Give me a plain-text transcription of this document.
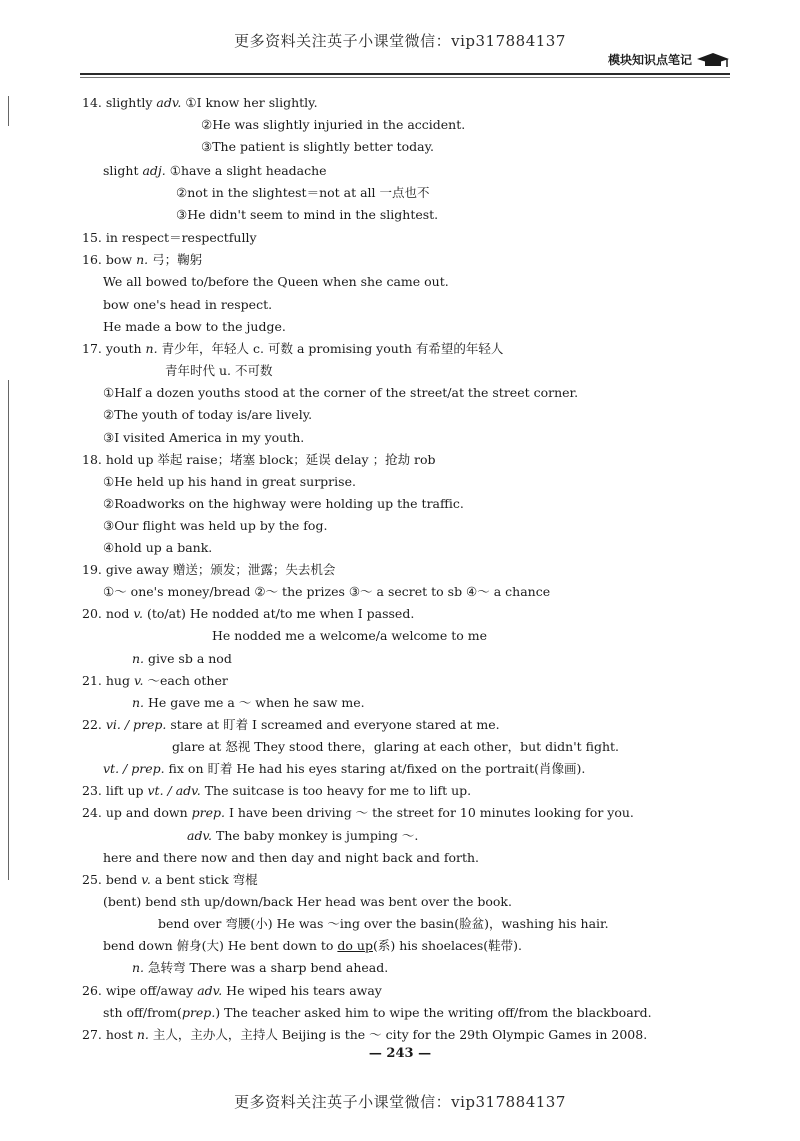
更多资料关注英子小课堂微信：vip317884137
模块知识点笔记
14. slightly adv. ①I know her slightly.
②He was slightly injuried in the accident.
③The patient is slightly better today.
slight adj. ①have a slight headache
②not in the slightest＝not at all 一点也不
③He didn't seem to mind in the slightest.
15. in respect＝respectfully
16. bow n. 弓；鞠躬
We all bowed to/before the Queen when she came out.
bow one's head in respect.
He made a bow to the judge.
17. youth n. 青少年，年轻人 c. 可数 a promising youth 有希望的年轻人
青年时代 u. 不可数
①Half a dozen youths stood at the corner of the street/at the street corner.
②The youth of today is/are lively.
③I visited America in my youth.
18. hold up 举起 raise；堵塞 block；延误 delay ；抢劫 rob
①He held up his hand in great surprise.
②Roadworks on the highway were holding up the traffic.
③Our flight was held up by the fog.
④hold up a bank.
19. give away 赠送；颁发；泄露；失去机会
①～ one's money/bread ②～ the prizes ③～ a secret to sb ④～ a chance
20. nod v. (to/at) He nodded at/to me when I passed.
He nodded me a welcome/a welcome to me
n. give sb a nod
21. hug v. ～each other
n. He gave me a ～ when he saw me.
22. vi. / prep. stare at 盯着 I screamed and everyone stared at me.
glare at 怒视 They stood there，glaring at each other，but didn't fight.
vt. / prep. fix on 盯着 He had his eyes staring at/fixed on the portrait(肖像画).
23. lift up vt. / adv. The suitcase is too heavy for me to lift up.
24. up and down prep. I have been driving ～ the street for 10 minutes looking for you.
adv. The baby monkey is jumping ～.
here and there now and then day and night back and forth.
25. bend v. a bent stick 弯棍
(bent) bend sth up/down/back Her head was bent over the book.
bend over 弯腰(小) He was ～ing over the basin(脸盆)，washing his hair.
bend down 俯身(大) He bent down to do up(系) his shoelaces(鞋带).
n. 急转弯 There was a sharp bend ahead.
26. wipe off/away adv. He wiped his tears away
sth off/from(prep.) The teacher asked him to wipe the writing off/from the blackboard.
27. host n. 主人，主办人，主持人 Beijing is the ～ city for the 29th Olympic Games in 2008.
— 243 —
更多资料关注英子小课堂微信：vip317884137
